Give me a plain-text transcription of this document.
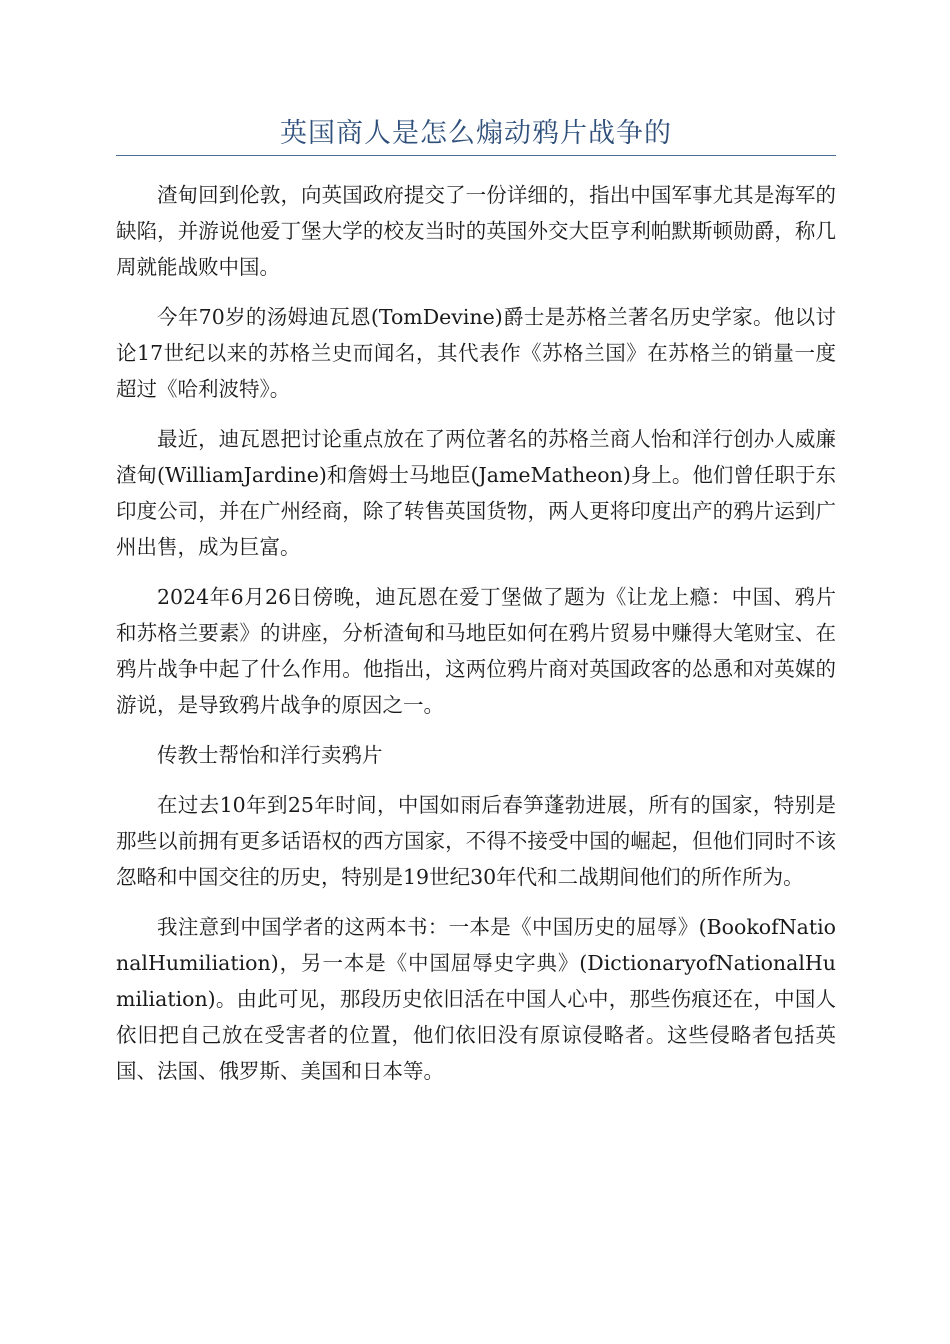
英国商人是怎么煽动鸦片战争的

渣甸回到伦敦，向英国政府提交了一份详细的，指出中国军事尤其是海军的缺陷，并游说他爱丁堡大学的校友当时的英国外交大臣亨利帕默斯顿勋爵，称几周就能战败中国。

今年70岁的汤姆迪瓦恩(TomDevine)爵士是苏格兰著名历史学家。他以讨论17世纪以来的苏格兰史而闻名，其代表作《苏格兰国》在苏格兰的销量一度超过《哈利波特》。

最近，迪瓦恩把讨论重点放在了两位著名的苏格兰商人怡和洋行创办人威廉渣甸(WilliamJardine)和詹姆士马地臣(JameMatheon)身上。他们曾任职于东印度公司，并在广州经商，除了转售英国货物，两人更将印度出产的鸦片运到广州出售，成为巨富。

2024年6月26日傍晚，迪瓦恩在爱丁堡做了题为《让龙上瘾：中国、鸦片和苏格兰要素》的讲座，分析渣甸和马地臣如何在鸦片贸易中赚得大笔财宝、在鸦片战争中起了什么作用。他指出，这两位鸦片商对英国政客的怂恿和对英媒的游说，是导致鸦片战争的原因之一。

传教士帮怡和洋行卖鸦片

在过去10年到25年时间，中国如雨后春笋蓬勃进展，所有的国家，特别是那些以前拥有更多话语权的西方国家，不得不接受中国的崛起，但他们同时不该忽略和中国交往的历史，特别是19世纪30年代和二战期间他们的所作所为。

我注意到中国学者的这两本书：一本是《中国历史的屈辱》(BookofNationalHumiliation)，另一本是《中国屈辱史字典》(DictionaryofNationalHumiliation)。由此可见，那段历史依旧活在中国人心中，那些伤痕还在，中国人依旧把自己放在受害者的位置，他们依旧没有原谅侵略者。这些侵略者包括英国、法国、俄罗斯、美国和日本等。
